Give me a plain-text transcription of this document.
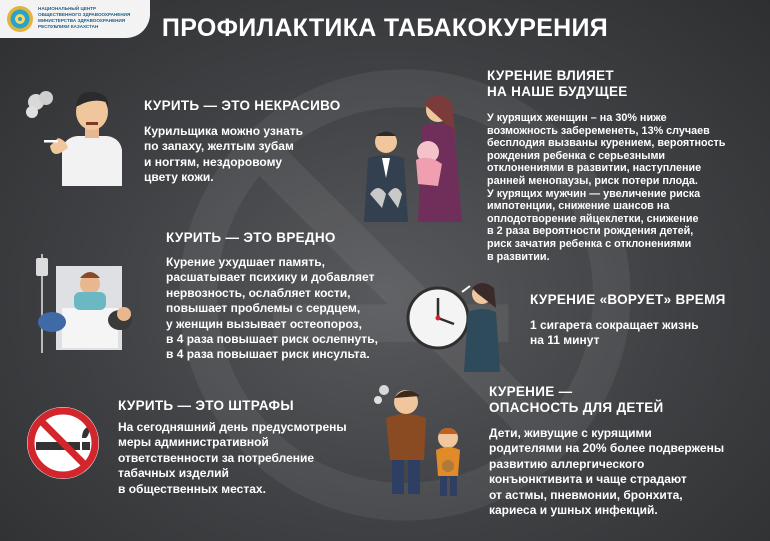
НАЦИОНАЛЬНЫЙ ЦЕНТР
ОБЩЕСТВЕННОГО ЗДРАВООХРАНЕНИЯ
МИНИСТЕРСТВА ЗДРАВООХРАНЕНИЯ
РЕСПУБЛИКИ КАЗАХСТАН	ПРОФИЛАКТИКА ТАБАКОКУРЕНИЯ
КУРИТЬ — ЭТО НЕКРАСИВО
Курильщика можно узнать
по запаху, желтым зубам
и ногтям, нездоровому
цвету кожи.
КУРИТЬ — ЭТО ВРЕДНО
Курение ухудшает память,
расшатывает психику и добавляет
нервозность, ослабляет кости,
повышает проблемы с сердцем,
у женщин вызывает остеопороз,
в 4 раза повышает риск ослепнуть,
в 4 раза повышает риск инсульта.
КУРИТЬ — ЭТО ШТРАФЫ
На сегодняшний день предусмотрены
меры административной
ответственности за потребление
табачных изделий
в общественных местах.
КУРЕНИЕ ВЛИЯЕТ
НА НАШЕ БУДУЩЕЕ
У курящих женщин – на 30% ниже
возможность забеременеть, 13% случаев
бесплодия вызваны курением, вероятность
рождения ребенка с серьезными
отклонениями в развитии, наступление
ранней менопаузы, риск потери плода.
У курящих мужчин — увеличение риска
импотенции, снижение шансов на
оплодотворение яйцеклетки, снижение
в 2 раза вероятности рождения детей,
риск зачатия ребенка с отклонениями
в развитии.
КУРЕНИЕ «ВОРУЕТ» ВРЕМЯ
1 сигарета сокращает жизнь
на 11 минут
КУРЕНИЕ —
ОПАСНОСТЬ ДЛЯ ДЕТЕЙ
Дети, живущие с курящими
родителями на 20% более подвержены
развитию аллергического
конъюнктивита и чаще страдают
от астмы, пневмонии, бронхита,
кариеса и ушных инфекций.
